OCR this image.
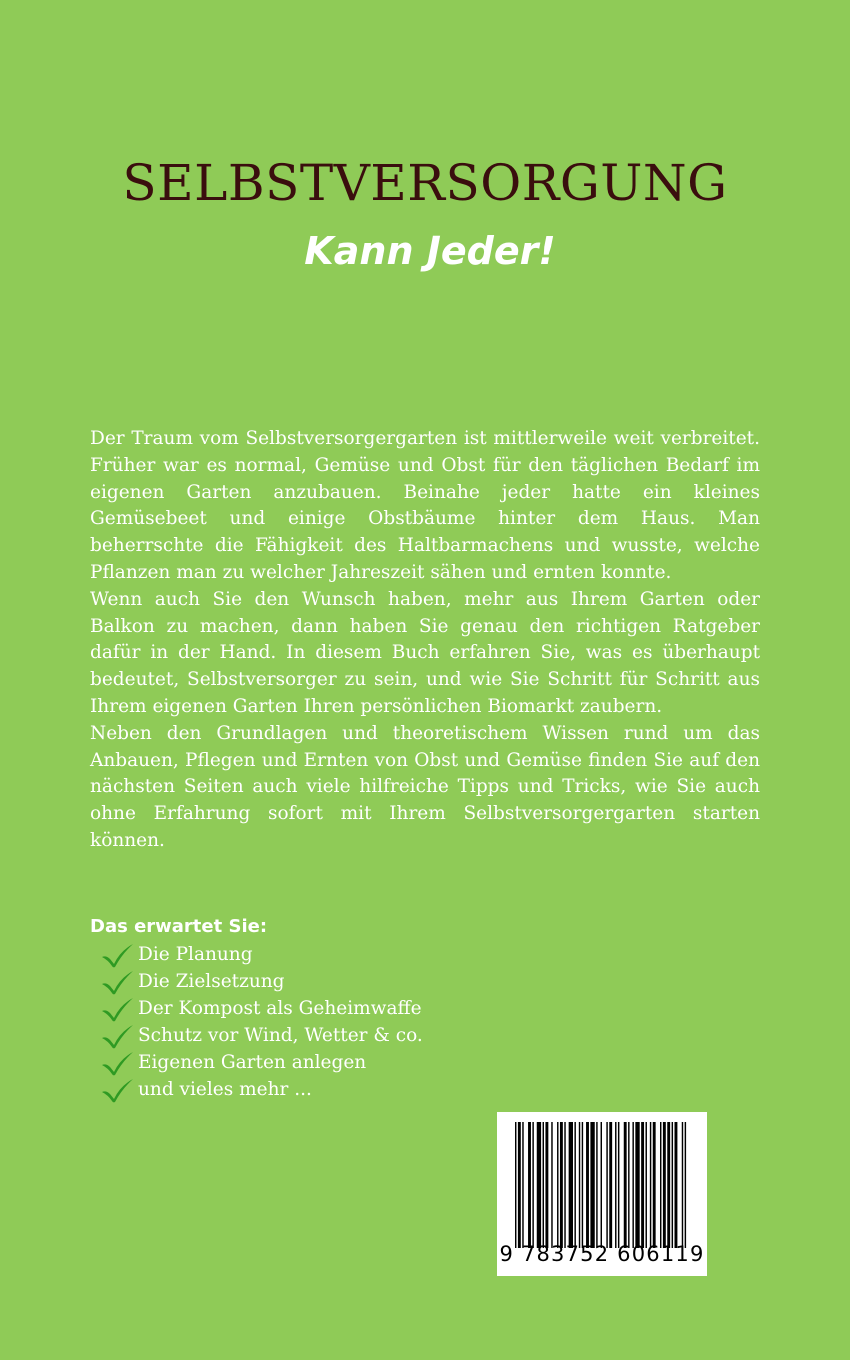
SELBSTVERSORGUNG
Kann Jeder!

Der Traum vom Selbstversorgergarten ist mittlerweile weit verbreitet. Früher war es normal, Gemüse und Obst für den täglichen Bedarf im eigenen Garten anzubauen. Beinahe jeder hatte ein kleines Gemüsebeet und einige Obstbäume hinter dem Haus. Man beherrschte die Fähigkeit des Haltbarmachens und wusste, welche Pflanzen man zu welcher Jahreszeit sähen und ernten konnte.

Wenn auch Sie den Wunsch haben, mehr aus Ihrem Garten oder Balkon zu machen, dann haben Sie genau den richtigen Ratgeber dafür in der Hand. In diesem Buch erfahren Sie, was es überhaupt bedeutet, Selbstversorger zu sein, und wie Sie Schritt für Schritt aus Ihrem eigenen Garten Ihren persönlichen Biomarkt zaubern.

Neben den Grundlagen und theoretischem Wissen rund um das Anbauen, Pflegen und Ernten von Obst und Gemüse finden Sie auf den nächsten Seiten auch viele hilfreiche Tipps und Tricks, wie Sie auch ohne Erfahrung sofort mit Ihrem Selbstversorgergarten starten können.

Das erwartet Sie:
Die Planung
Die Zielsetzung
Der Kompost als Geheimwaffe
Schutz vor Wind, Wetter & co.
Eigenen Garten anlegen
und vieles mehr ...
9 783752 606119
